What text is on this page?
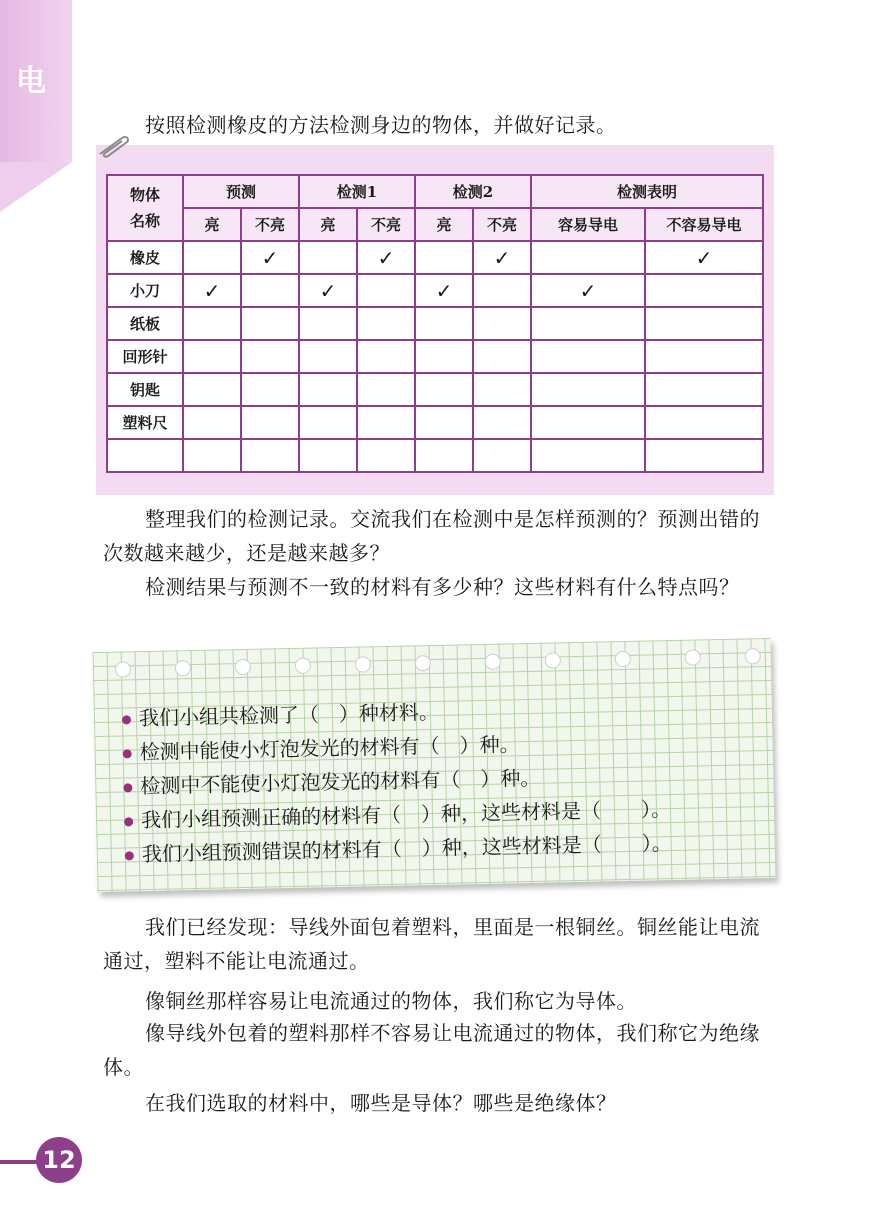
电
按照检测橡皮的方法检测身边的物体，并做好记录。
物体
名称	预测		检测1		检测2		检测表明	
	亮	不亮	亮	不亮	亮	不亮	容易导电	不容易导电
橡皮		✓		✓		✓		✓
小刀	✓		✓		✓		✓	
纸板								
回形针								
钥匙								
塑料尺								

整理我们的检测记录。交流我们在检测中是怎样预测的？预测出错的次数越来越少，还是越来越多？
检测结果与预测不一致的材料有多少种？这些材料有什么特点吗？
我们小组共检测了（　）种材料。
检测中能使小灯泡发光的材料有（　）种。
检测中不能使小灯泡发光的材料有（　）种。
我们小组预测正确的材料有（　）种，这些材料是（　　）。
我们小组预测错误的材料有（　）种，这些材料是（　　）。
我们已经发现：导线外面包着塑料，里面是一根铜丝。铜丝能让电流通过，塑料不能让电流通过。
像铜丝那样容易让电流通过的物体，我们称它为导体。
像导线外包着的塑料那样不容易让电流通过的物体，我们称它为绝缘体。
在我们选取的材料中，哪些是导体？哪些是绝缘体？
12
